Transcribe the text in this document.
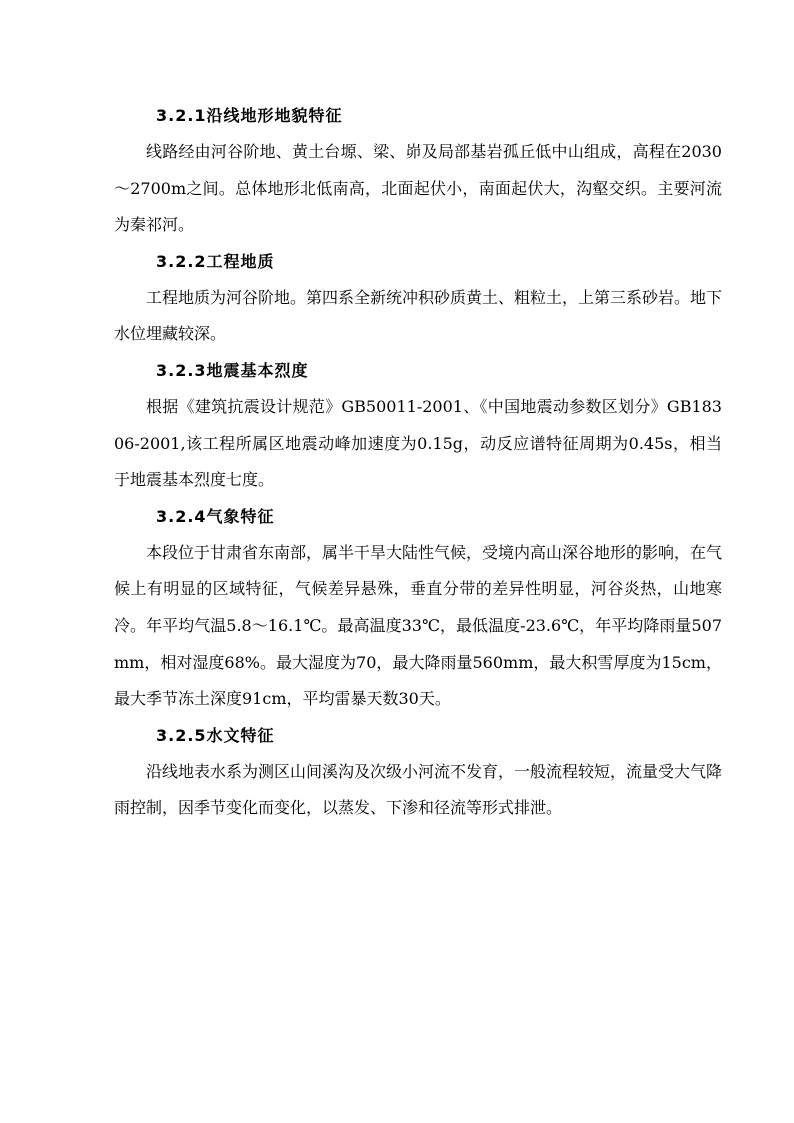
3.2.1沿线地形地貌特征

线路经由河谷阶地、黄土台塬、梁、峁及局部基岩孤丘低中山组成，高程在2030～2700m之间。总体地形北低南高，北面起伏小，南面起伏大，沟壑交织。主要河流为秦祁河。

3.2.2工程地质

工程地质为河谷阶地。第四系全新统冲积砂质黄土、粗粒土，上第三系砂岩。地下水位埋藏较深。

3.2.3地震基本烈度

根据《建筑抗震设计规范》GB50011-2001、《中国地震动参数区划分》GB18306-2001,该工程所属区地震动峰加速度为0.15g，动反应谱特征周期为0.45s，相当于地震基本烈度七度。

3.2.4气象特征

本段位于甘肃省东南部，属半干旱大陆性气候，受境内高山深谷地形的影响，在气候上有明显的区域特征，气候差异悬殊，垂直分带的差异性明显，河谷炎热，山地寒冷。年平均气温5.8～16.1℃。最高温度33℃，最低温度-23.6℃，年平均降雨量507mm，相对湿度68%。最大湿度为70，最大降雨量560mm，最大积雪厚度为15cm，最大季节冻土深度91cm，平均雷暴天数30天。

3.2.5水文特征

沿线地表水系为测区山间溪沟及次级小河流不发育，一般流程较短，流量受大气降雨控制，因季节变化而变化，以蒸发、下渗和径流等形式排泄。
